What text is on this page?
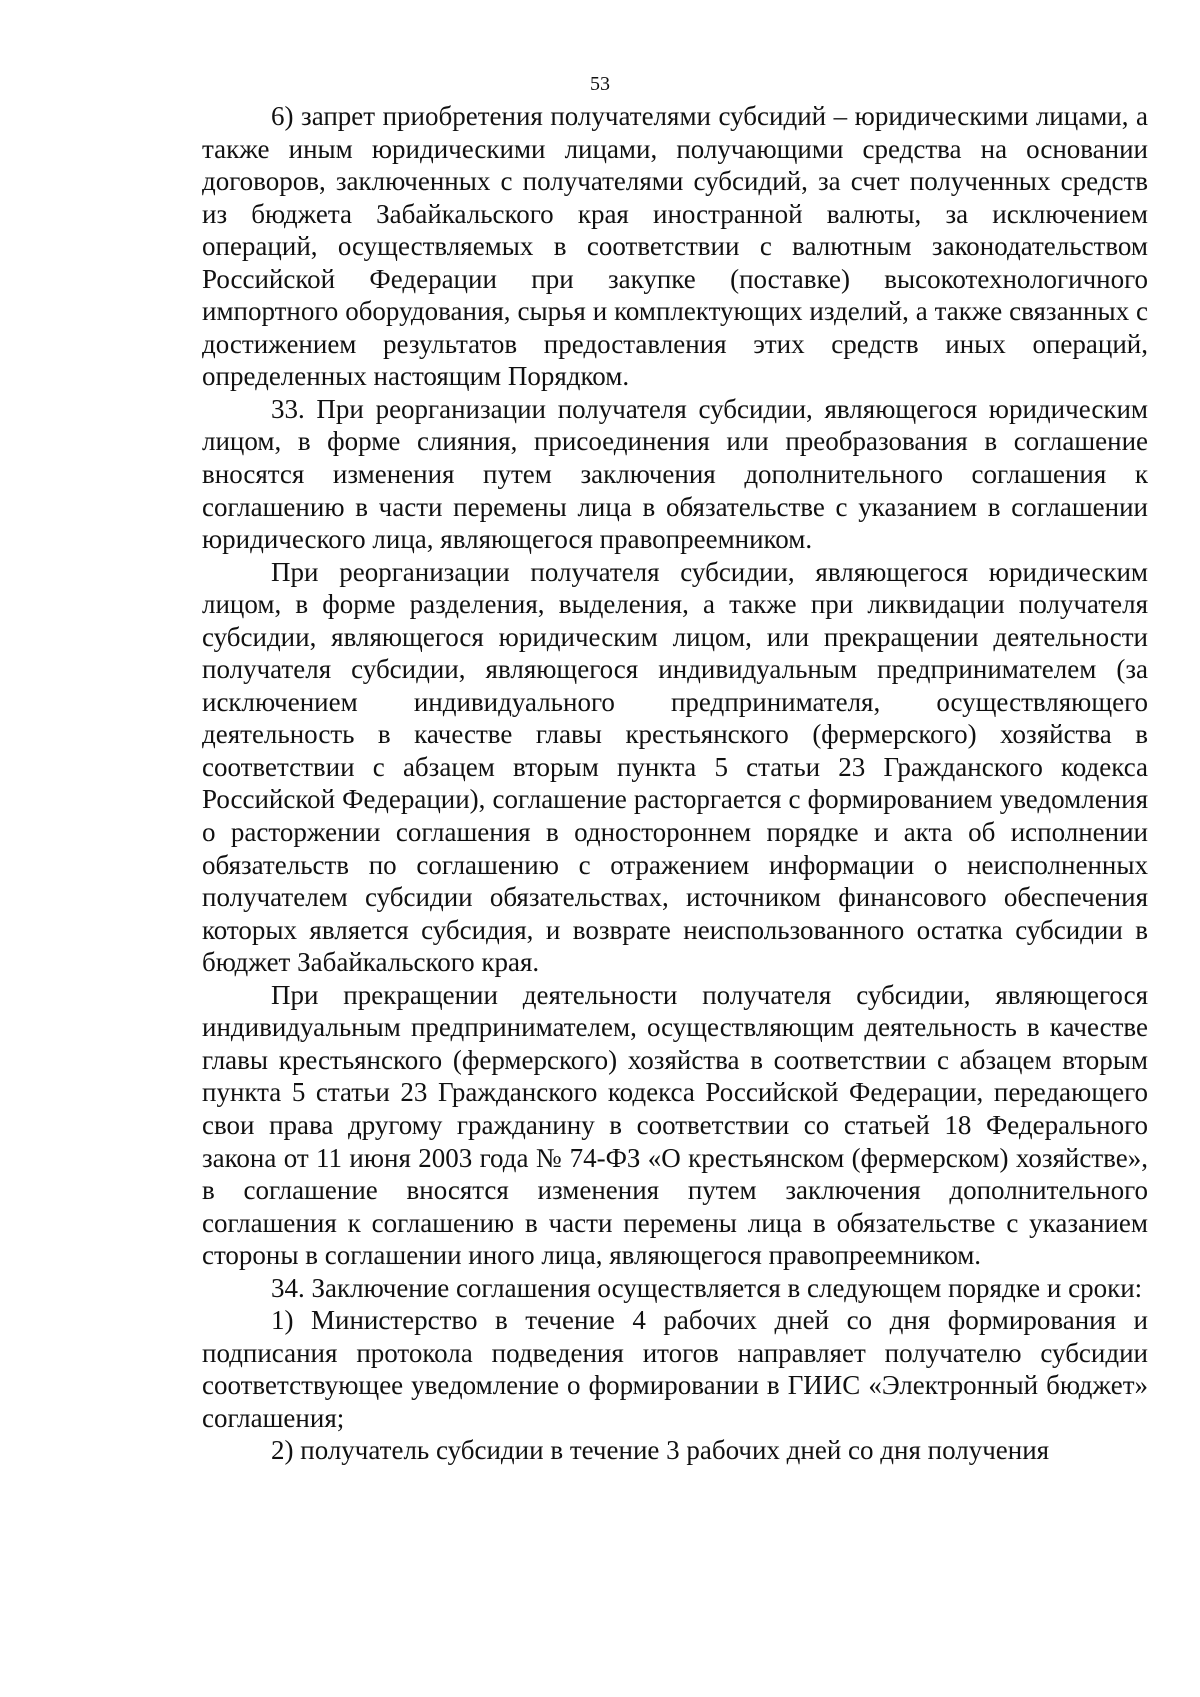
53

6) запрет приобретения получателями субсидий – юридическими лицами, а также иным юридическими лицами, получающими средства на основании договоров, заключенных с получателями субсидий, за счет полученных средств из бюджета Забайкальского края иностранной валюты, за исключением операций, осуществляемых в соответствии с валютным законодательством Российской Федерации при закупке (поставке) высокотехнологичного импортного оборудования, сырья и комплектующих изделий, а также связанных с достижением результатов предоставления этих средств иных операций, определенных настоящим Порядком.

33. При реорганизации получателя субсидии, являющегося юридическим лицом, в форме слияния, присоединения или преобразования в соглашение вносятся изменения путем заключения дополнительного соглашения к соглашению в части перемены лица в обязательстве с указанием в соглашении юридического лица, являющегося правопреемником.

При реорганизации получателя субсидии, являющегося юридическим лицом, в форме разделения, выделения, а также при ликвидации получателя субсидии, являющегося юридическим лицом, или прекращении деятельности получателя субсидии, являющегося индивидуальным предпринимателем (за исключением индивидуального предпринимателя, осуществляющего деятельность в качестве главы крестьянского (фермерского) хозяйства в соответствии с абзацем вторым пункта 5 статьи 23 Гражданского кодекса Российской Федерации), соглашение расторгается с формированием уведомления о расторжении соглашения в одностороннем порядке и акта об исполнении обязательств по соглашению с отражением информации о неисполненных получателем субсидии обязательствах, источником финансового обеспечения которых является субсидия, и возврате неиспользованного остатка субсидии в бюджет Забайкальского края.

При прекращении деятельности получателя субсидии, являющегося индивидуальным предпринимателем, осуществляющим деятельность в качестве главы крестьянского (фермерского) хозяйства в соответствии с абзацем вторым пункта 5 статьи 23 Гражданского кодекса Российской Федерации, передающего свои права другому гражданину в соответствии со статьей 18 Федерального закона от 11 июня 2003 года № 74-ФЗ «О крестьянском (фермерском) хозяйстве», в соглашение вносятся изменения путем заключения дополнительного соглашения к соглашению в части перемены лица в обязательстве с указанием стороны в соглашении иного лица, являющегося правопреемником.

34. Заключение соглашения осуществляется в следующем порядке и сроки:

1) Министерство в течение 4 рабочих дней со дня формирования и подписания протокола подведения итогов направляет получателю субсидии соответствующее уведомление о формировании в ГИИС «Электронный бюджет» соглашения;

2) получатель субсидии в течение 3 рабочих дней со дня получения
